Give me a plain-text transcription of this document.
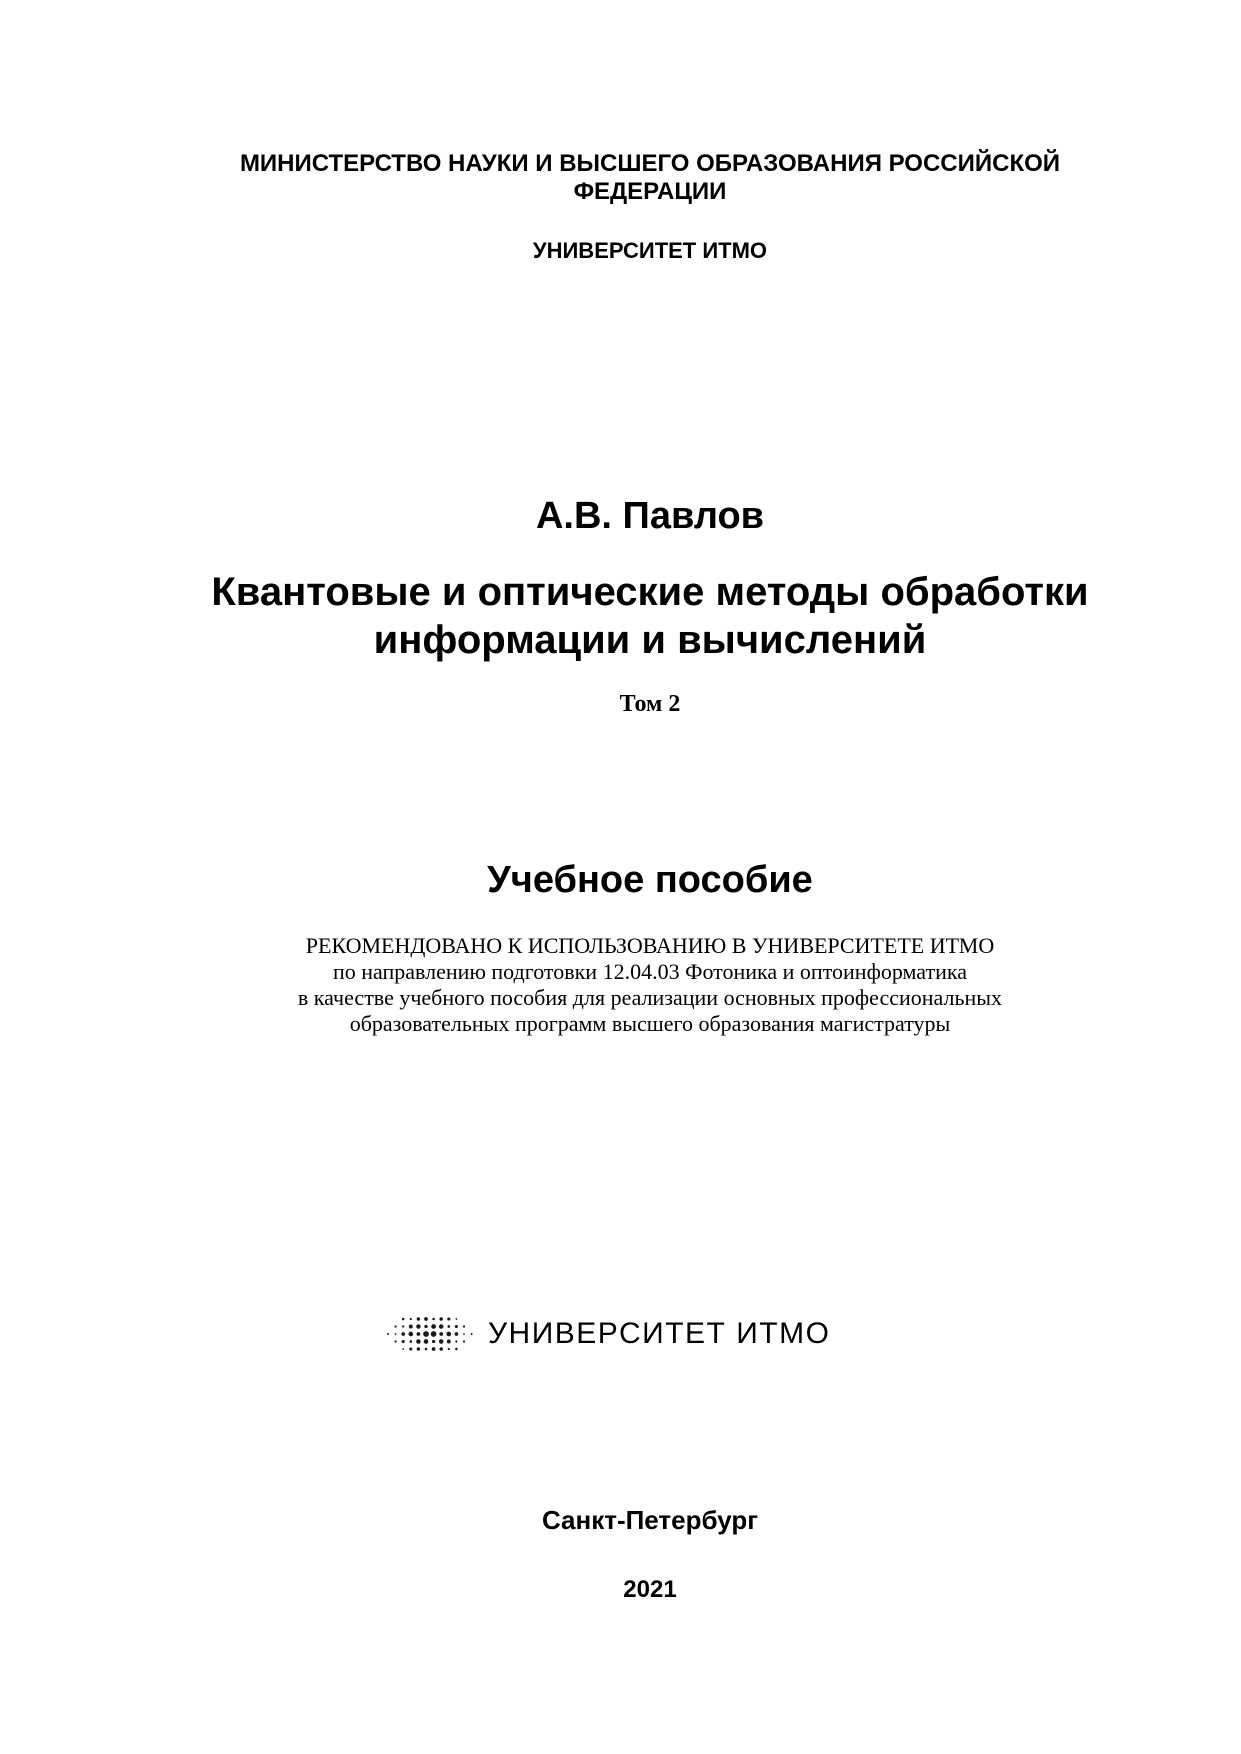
МИНИСТЕРСТВО НАУКИ И ВЫСШЕГО ОБРАЗОВАНИЯ РОССИЙСКОЙ
ФЕДЕРАЦИИ
УНИВЕРСИТЕТ ИТМО
А.В. Павлов
Квантовые и оптические методы обработки
информации и вычислений
Том 2
Учебное пособие
РЕКОМЕНДОВАНО К ИСПОЛЬЗОВАНИЮ В УНИВЕРСИТЕТЕ ИТМО
по направлению подготовки 12.04.03 Фотоника и оптоинформатика
в качестве учебного пособия для реализации основных профессиональных
образовательных программ высшего образования магистратуры
УНИВЕРСИТЕТ ИТМО
Санкт-Петербург
2021
